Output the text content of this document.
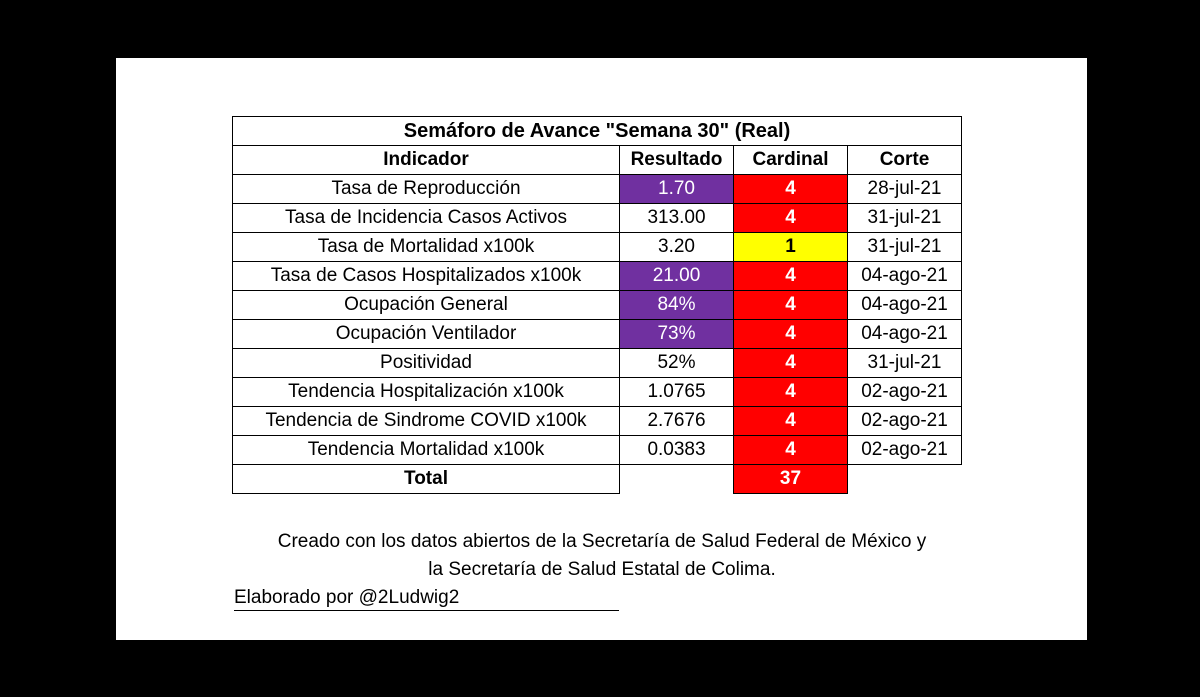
Semáforo de Avance "Semana 30" (Real)			
Indicador	Resultado	Cardinal	Corte
Tasa de Reproducción	1.70	4	28-jul-21
Tasa de Incidencia Casos Activos	313.00	4	31-jul-21
Tasa de Mortalidad x100k	3.20	1	31-jul-21
Tasa de Casos Hospitalizados x100k	21.00	4	04-ago-21
Ocupación General	84%	4	04-ago-21
Ocupación Ventilador	73%	4	04-ago-21
Positividad	52%	4	31-jul-21
Tendencia Hospitalización x100k	1.0765	4	02-ago-21
Tendencia de Sindrome COVID x100k	2.7676	4	02-ago-21
Tendencia Mortalidad x100k	0.0383	4	02-ago-21
Total		37	
Creado con los datos abiertos de la Secretaría de Salud Federal de México y
la Secretaría de Salud Estatal de Colima.
Elaborado por @2Ludwig2
